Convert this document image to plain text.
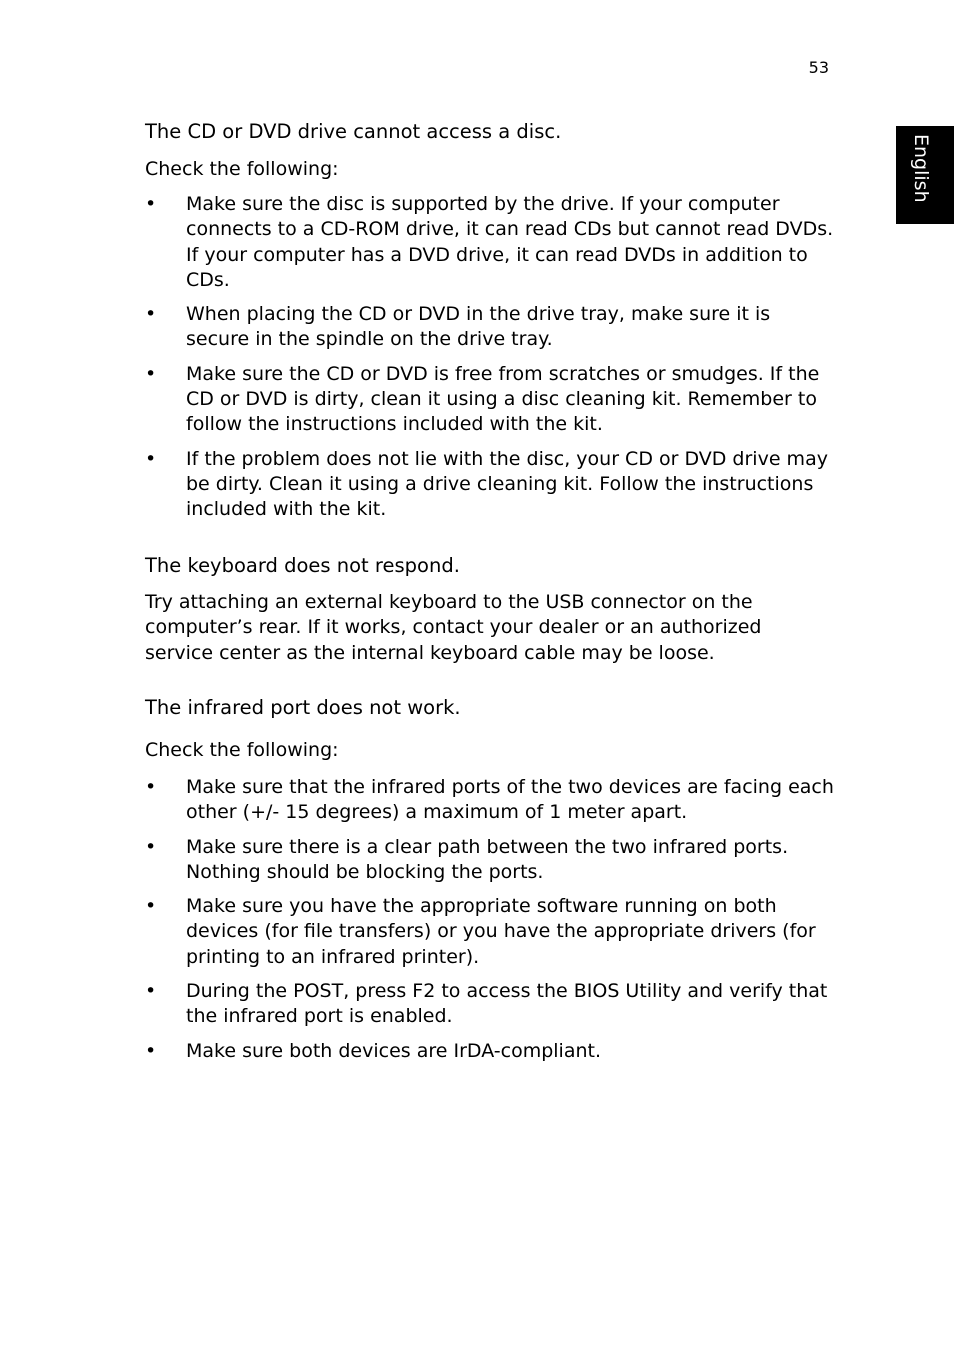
53
English
The CD or DVD drive cannot access a disc.

Check the following:

• Make sure the disc is supported by the drive. If your computer connects to a CD-ROM drive, it can read CDs but cannot read DVDs. If your computer has a DVD drive, it can read DVDs in addition to CDs.
• When placing the CD or DVD in the drive tray, make sure it is secure in the spindle on the drive tray.
• Make sure the CD or DVD is free from scratches or smudges. If the CD or DVD is dirty, clean it using a disc cleaning kit. Remember to follow the instructions included with the kit.
• If the problem does not lie with the disc, your CD or DVD drive may be dirty. Clean it using a drive cleaning kit. Follow the instructions included with the kit.
The keyboard does not respond.

Try attaching an external keyboard to the USB connector on the computer’s rear. If it works, contact your dealer or an authorized service center as the internal keyboard cable may be loose.

The infrared port does not work.

Check the following:

• Make sure that the infrared ports of the two devices are facing each other (+/- 15 degrees) a maximum of 1 meter apart.
• Make sure there is a clear path between the two infrared ports. Nothing should be blocking the ports.
• Make sure you have the appropriate software running on both devices (for file transfers) or you have the appropriate drivers (for printing to an infrared printer).
• During the POST, press F2 to access the BIOS Utility and verify that the infrared port is enabled.
• Make sure both devices are IrDA-compliant.
